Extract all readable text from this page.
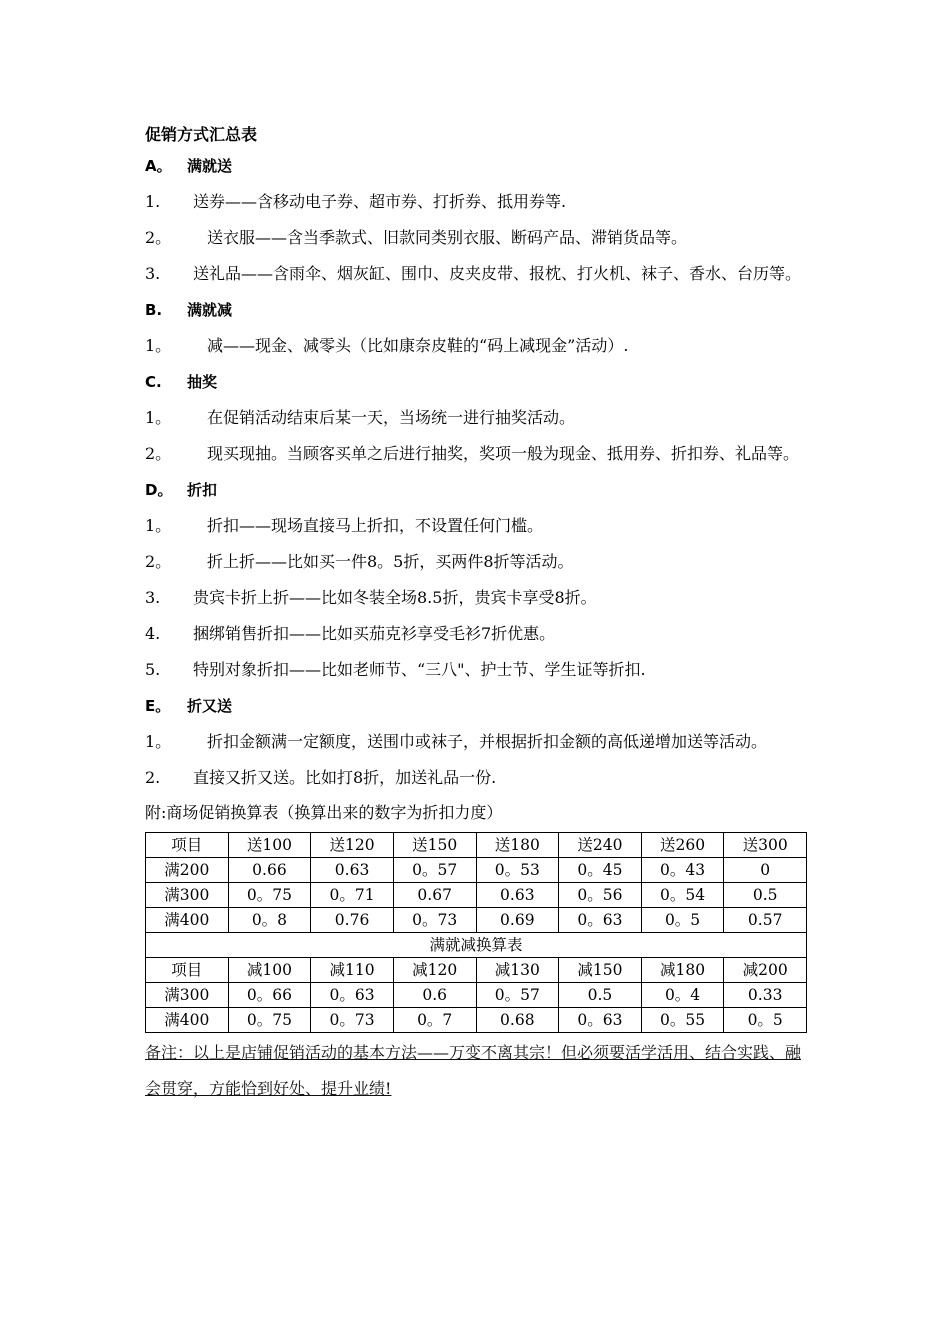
促销方式汇总表
A。 满就送
1.	送券——含移动电子券、超市券、打折券、抵用券等.
2。	送衣服——含当季款式、旧款同类别衣服、断码产品、滞销货品等。
3.	送礼品——含雨伞、烟灰缸、围巾、皮夹皮带、报枕、打火机、袜子、香水、台历等。
B. 满就减
1。	减——现金、减零头（比如康奈皮鞋的“码上减现金”活动）.
C. 抽奖
1。	在促销活动结束后某一天，当场统一进行抽奖活动。
2。	现买现抽。当顾客买单之后进行抽奖，奖项一般为现金、抵用券、折扣券、礼品等。
D。 折扣
1。	折扣——现场直接马上折扣，不设置任何门槛。
2。	折上折——比如买一件8。5折，买两件8折等活动。
3.	贵宾卡折上折——比如冬装全场8.5折，贵宾卡享受8折。
4.	捆绑销售折扣——比如买茄克衫享受毛衫7折优惠。
5.	特别对象折扣——比如老师节、“三八"、护士节、学生证等折扣.
E。 折又送
1。	折扣金额满一定额度，送围巾或袜子，并根据折扣金额的高低递增加送等活动。
2.	直接又折又送。比如打8折，加送礼品一份.
附:商场促销换算表（换算出来的数字为折扣力度）
项目	送100	送120	送150	送180	送240	送260	送300
满200	0.66	0.63	0。57	0。53	0。45	0。43	0
满300	0。75	0。71	0.67	0.63	0。56	0。54	0.5
满400	0。8	0.76	0。73	0.69	0。63	0。5	0.57
满就减换算表							
项目	减100	减110	减120	减130	减150	减180	减200
满300	0。66	0。63	0.6	0。57	0.5	0。4	0.33
满400	0。75	0。73	0。7	0.68	0。63	0。55	0。5
备注：以上是店铺促销活动的基本方法——万变不离其宗！但必须要活学活用、结合实践、融会贯穿，方能恰到好处、提升业绩!
